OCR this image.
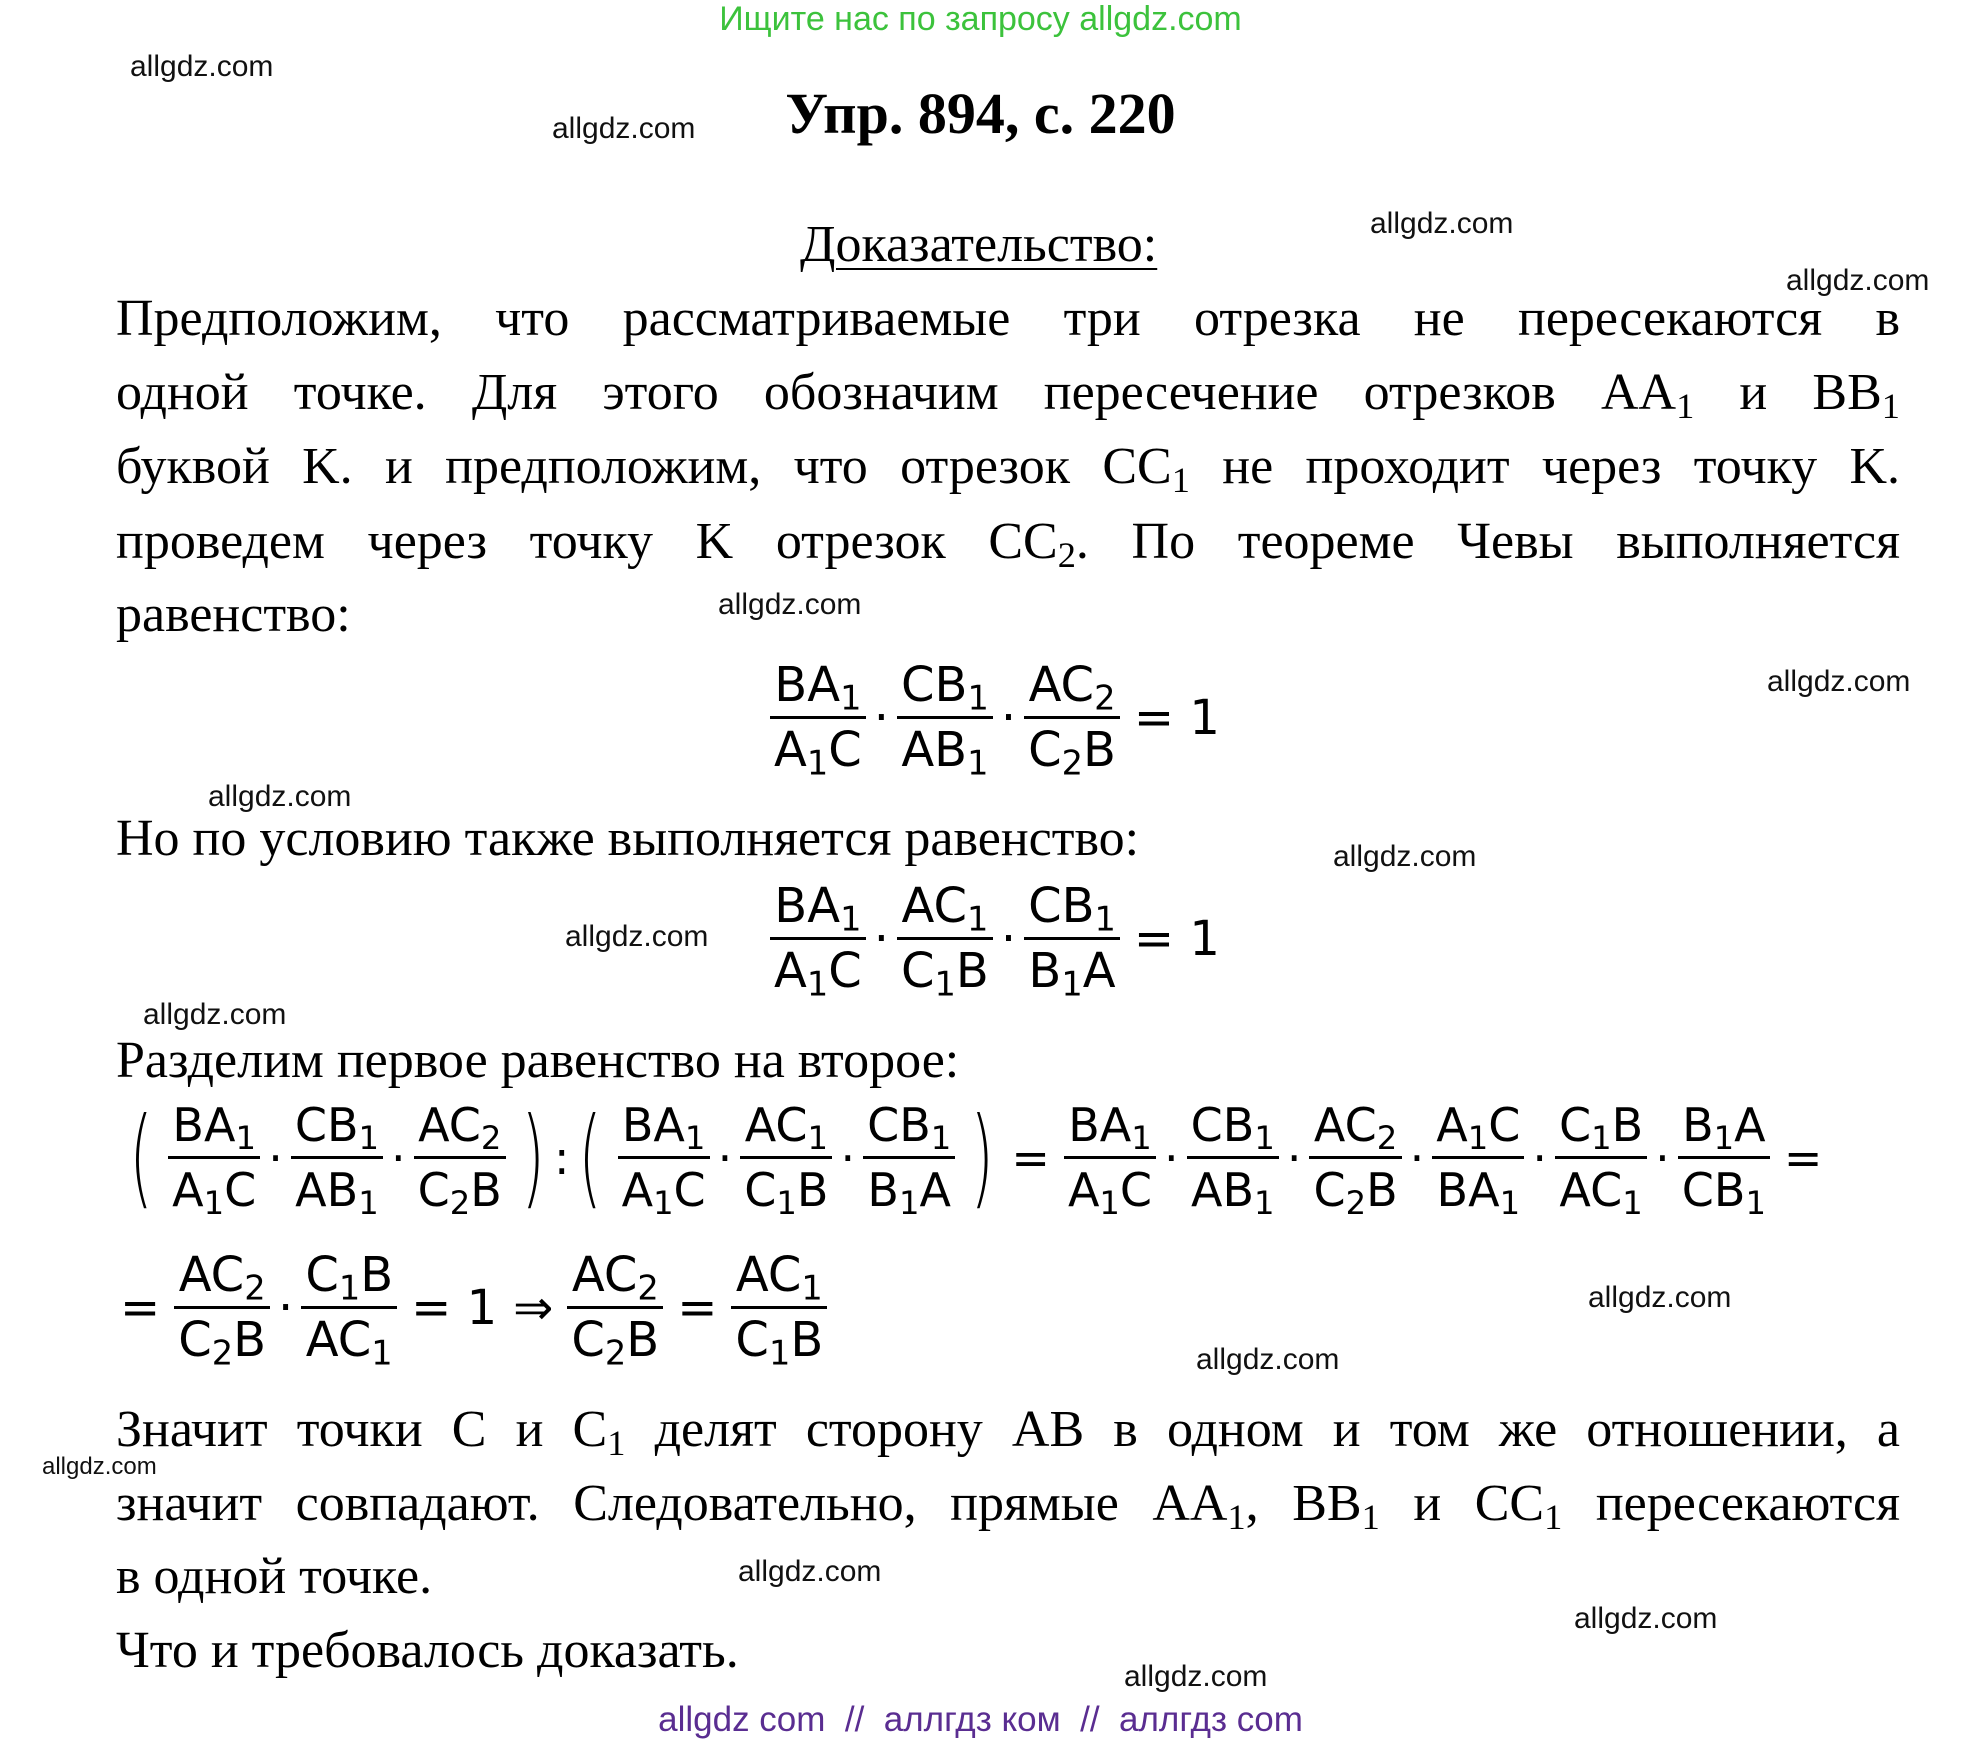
Ищите нас по запросу allgdz.com
allgdz.com
allgdz.com
allgdz.com
allgdz.com
allgdz.com
allgdz.com
allgdz.com
allgdz.com
allgdz.com
allgdz.com
allgdz.com
allgdz.com
allgdz.com
allgdz.com
allgdz.com
allgdz.com
Упр. 894, с. 220
Доказательство:
Предположим, что рассматриваемые три отрезка не пересекаются в
одной точке. Для этого обозначим пересечение отрезков $AA_1$ и $BB_1$
буквой K. и предположим, что отрезок $CC_1$ не проходит через точку K.
проведем через точку K отрезок $CC_2$. По теореме Чевы выполняется
равенство:
$\frac{BA_1}{A_1C} \cdot \frac{CB_1}{AB_1} \cdot \frac{AC_2}{C_2B} = 1$
Но по условию также выполняется равенство:
$\frac{BA_1}{A_1C} \cdot \frac{AC_1}{C_1B} \cdot \frac{CB_1}{B_1A} = 1$
Разделим первое равенство на второе:
( $\frac{BA_1}{A_1C} \cdot \frac{CB_1}{AB_1} \cdot \frac{AC_2}{C_2B}$ ) : ( $\frac{BA_1}{A_1C} \cdot \frac{AC_1}{C_1B} \cdot \frac{CB_1}{B_1A}$ ) = $\frac{BA_1}{A_1C} \cdot \frac{CB_1}{AB_1} \cdot \frac{AC_2}{C_2B} \cdot \frac{A_1C}{BA_1} \cdot \frac{C_1B}{AC_1} \cdot \frac{B_1A}{CB_1}$ =
= $\frac{AC_2}{C_2B} \cdot \frac{C_1B}{AC_1} = 1$ ⇒ $\frac{AC_2}{C_2B} = \frac{AC_1}{C_1B}$
Значит точки C и $C_1$ делят сторону AB в одном и том же отношении, а
значит совпадают. Следовательно, прямые $AA_1$, $BB_1$ и $CC_1$ пересекаются
в одной точке.
Что и требовалось доказать.
allgdz com  //  аллгдз ком  //  аллгдз com
